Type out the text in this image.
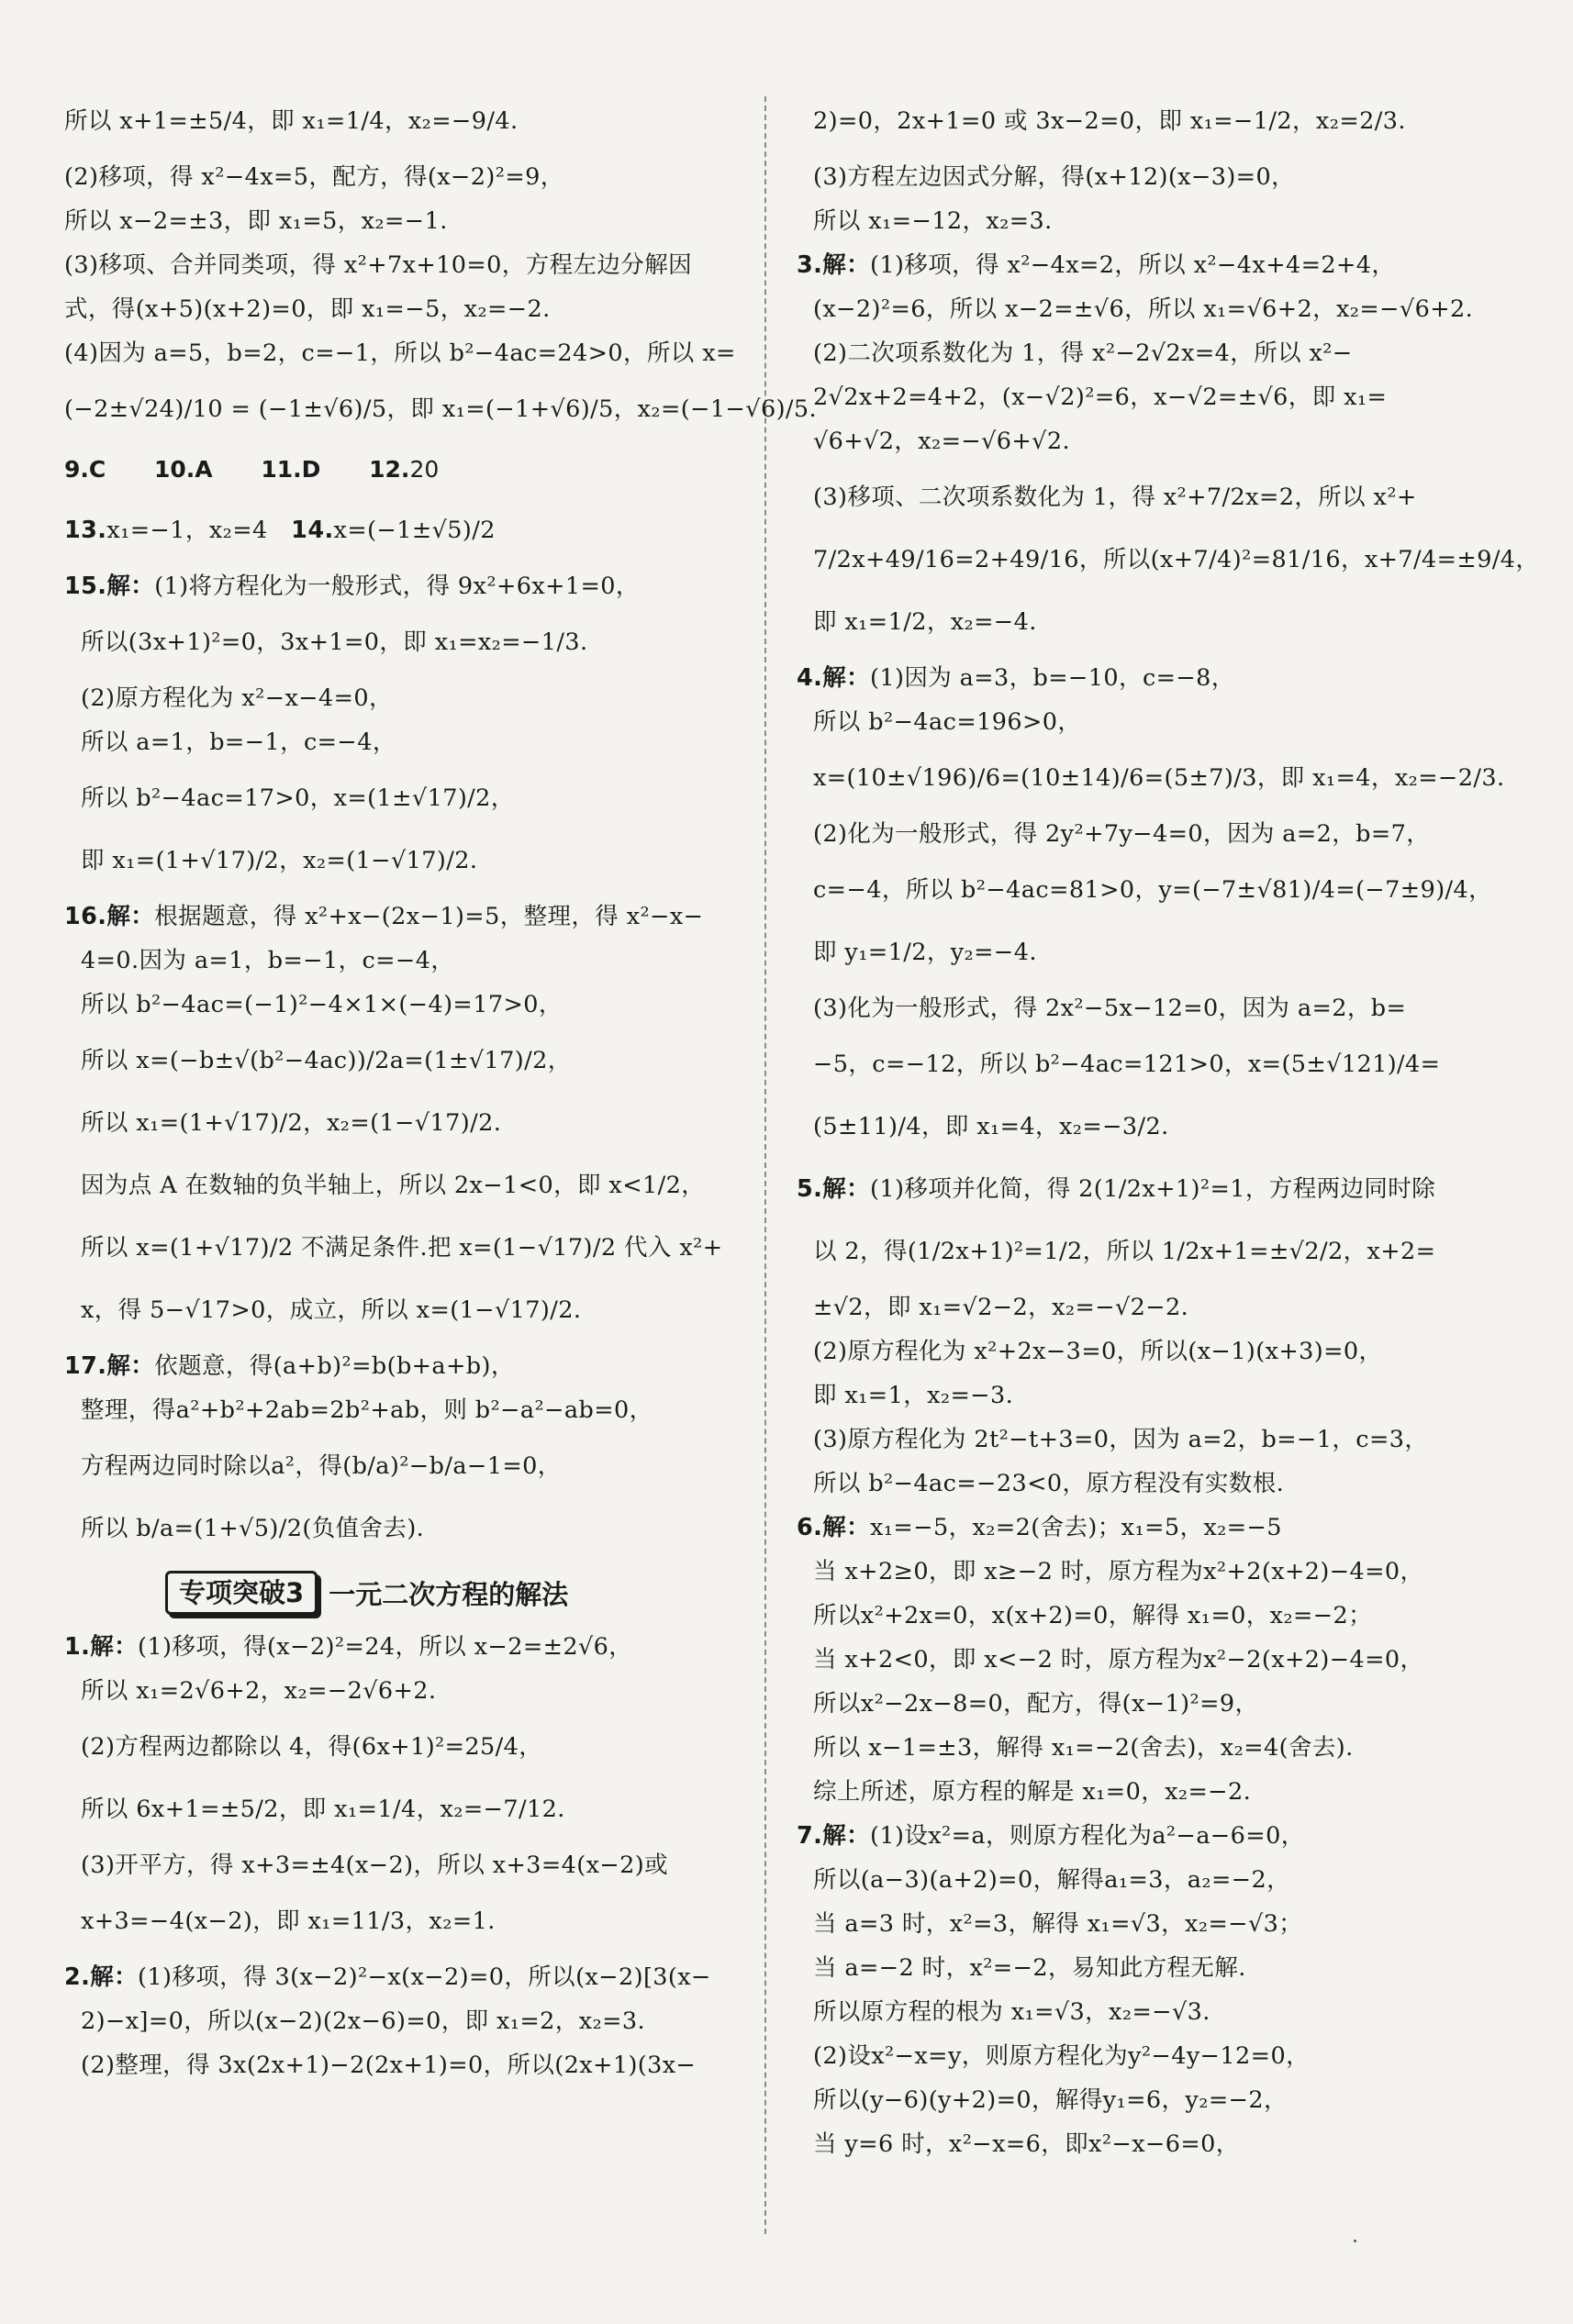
所以 x+1=±5/4，即 x₁=1/4，x₂=−9/4.

(2)移项，得 x²−4x=5，配方，得(x−2)²=9，

所以 x−2=±3，即 x₁=5，x₂=−1.

(3)移项、合并同类项，得 x²+7x+10=0，方程左边分解因

式，得(x+5)(x+2)=0，即 x₁=−5，x₂=−2.

(4)因为 a=5，b=2，c=−1，所以 b²−4ac=24>0，所以 x=

(−2±√24)/10 = (−1±√6)/5，即 x₁=(−1+√6)/5，x₂=(−1−√6)/5.

9.C 10.A 11.D 12.20

13.x₁=−1，x₂=4 14.x=(−1±√5)/2

15.解：(1)将方程化为一般形式，得 9x²+6x+1=0，

所以(3x+1)²=0，3x+1=0，即 x₁=x₂=−1/3.

(2)原方程化为 x²−x−4=0，

所以 a=1，b=−1，c=−4，

所以 b²−4ac=17>0，x=(1±√17)/2，

即 x₁=(1+√17)/2，x₂=(1−√17)/2.

16.解：根据题意，得 x²+x−(2x−1)=5，整理，得 x²−x−

4=0.因为 a=1，b=−1，c=−4，

所以 b²−4ac=(−1)²−4×1×(−4)=17>0，

所以 x=(−b±√(b²−4ac))/2a=(1±√17)/2，

所以 x₁=(1+√17)/2，x₂=(1−√17)/2.

因为点 A 在数轴的负半轴上，所以 2x−1<0，即 x<1/2，

所以 x=(1+√17)/2 不满足条件.把 x=(1−√17)/2 代入 x²+

x，得 5−√17>0，成立，所以 x=(1−√17)/2.

17.解：依题意，得(a+b)²=b(b+a+b)，

整理，得a²+b²+2ab=2b²+ab，则 b²−a²−ab=0，

方程两边同时除以a²，得(b/a)²−b/a−1=0，

所以 b/a=(1+√5)/2(负值舍去).

专项突破3 一元二次方程的解法

1.解：(1)移项，得(x−2)²=24，所以 x−2=±2√6，

所以 x₁=2√6+2，x₂=−2√6+2.

(2)方程两边都除以 4，得(6x+1)²=25/4，

所以 6x+1=±5/2，即 x₁=1/4，x₂=−7/12.

(3)开平方，得 x+3=±4(x−2)，所以 x+3=4(x−2)或

x+3=−4(x−2)，即 x₁=11/3，x₂=1.

2.解：(1)移项，得 3(x−2)²−x(x−2)=0，所以(x−2)[3(x−

2)−x]=0，所以(x−2)(2x−6)=0，即 x₁=2，x₂=3.

(2)整理，得 3x(2x+1)−2(2x+1)=0，所以(2x+1)(3x−

2)=0，2x+1=0 或 3x−2=0，即 x₁=−1/2，x₂=2/3.

(3)方程左边因式分解，得(x+12)(x−3)=0，

所以 x₁=−12，x₂=3.

3.解：(1)移项，得 x²−4x=2，所以 x²−4x+4=2+4，

(x−2)²=6，所以 x−2=±√6，所以 x₁=√6+2，x₂=−√6+2.

(2)二次项系数化为 1，得 x²−2√2x=4，所以 x²−

2√2x+2=4+2，(x−√2)²=6，x−√2=±√6，即 x₁=

√6+√2，x₂=−√6+√2.

(3)移项、二次项系数化为 1，得 x²+7/2x=2，所以 x²+

7/2x+49/16=2+49/16，所以(x+7/4)²=81/16，x+7/4=±9/4，

即 x₁=1/2，x₂=−4.

4.解：(1)因为 a=3，b=−10，c=−8，

所以 b²−4ac=196>0，

x=(10±√196)/6=(10±14)/6=(5±7)/3，即 x₁=4，x₂=−2/3.

(2)化为一般形式，得 2y²+7y−4=0，因为 a=2，b=7，

c=−4，所以 b²−4ac=81>0，y=(−7±√81)/4=(−7±9)/4，

即 y₁=1/2，y₂=−4.

(3)化为一般形式，得 2x²−5x−12=0，因为 a=2，b=

−5，c=−12，所以 b²−4ac=121>0，x=(5±√121)/4=

(5±11)/4，即 x₁=4，x₂=−3/2.

5.解：(1)移项并化简，得 2(1/2x+1)²=1，方程两边同时除

以 2，得(1/2x+1)²=1/2，所以 1/2x+1=±√2/2，x+2=

±√2，即 x₁=√2−2，x₂=−√2−2.

(2)原方程化为 x²+2x−3=0，所以(x−1)(x+3)=0，

即 x₁=1，x₂=−3.

(3)原方程化为 2t²−t+3=0，因为 a=2，b=−1，c=3，

所以 b²−4ac=−23<0，原方程没有实数根.

6.解：x₁=−5，x₂=2(舍去)；x₁=5，x₂=−5

当 x+2≥0，即 x≥−2 时，原方程为x²+2(x+2)−4=0，

所以x²+2x=0，x(x+2)=0，解得 x₁=0，x₂=−2；

当 x+2<0，即 x<−2 时，原方程为x²−2(x+2)−4=0，

所以x²−2x−8=0，配方，得(x−1)²=9，

所以 x−1=±3，解得 x₁=−2(舍去)，x₂=4(舍去).

综上所述，原方程的解是 x₁=0，x₂=−2.

7.解：(1)设x²=a，则原方程化为a²−a−6=0，

所以(a−3)(a+2)=0，解得a₁=3，a₂=−2，

当 a=3 时，x²=3，解得 x₁=√3，x₂=−√3；

当 a=−2 时，x²=−2，易知此方程无解.

所以原方程的根为 x₁=√3，x₂=−√3.

(2)设x²−x=y，则原方程化为y²−4y−12=0，

所以(y−6)(y+2)=0，解得y₁=6，y₂=−2，

当 y=6 时，x²−x=6，即x²−x−6=0，
